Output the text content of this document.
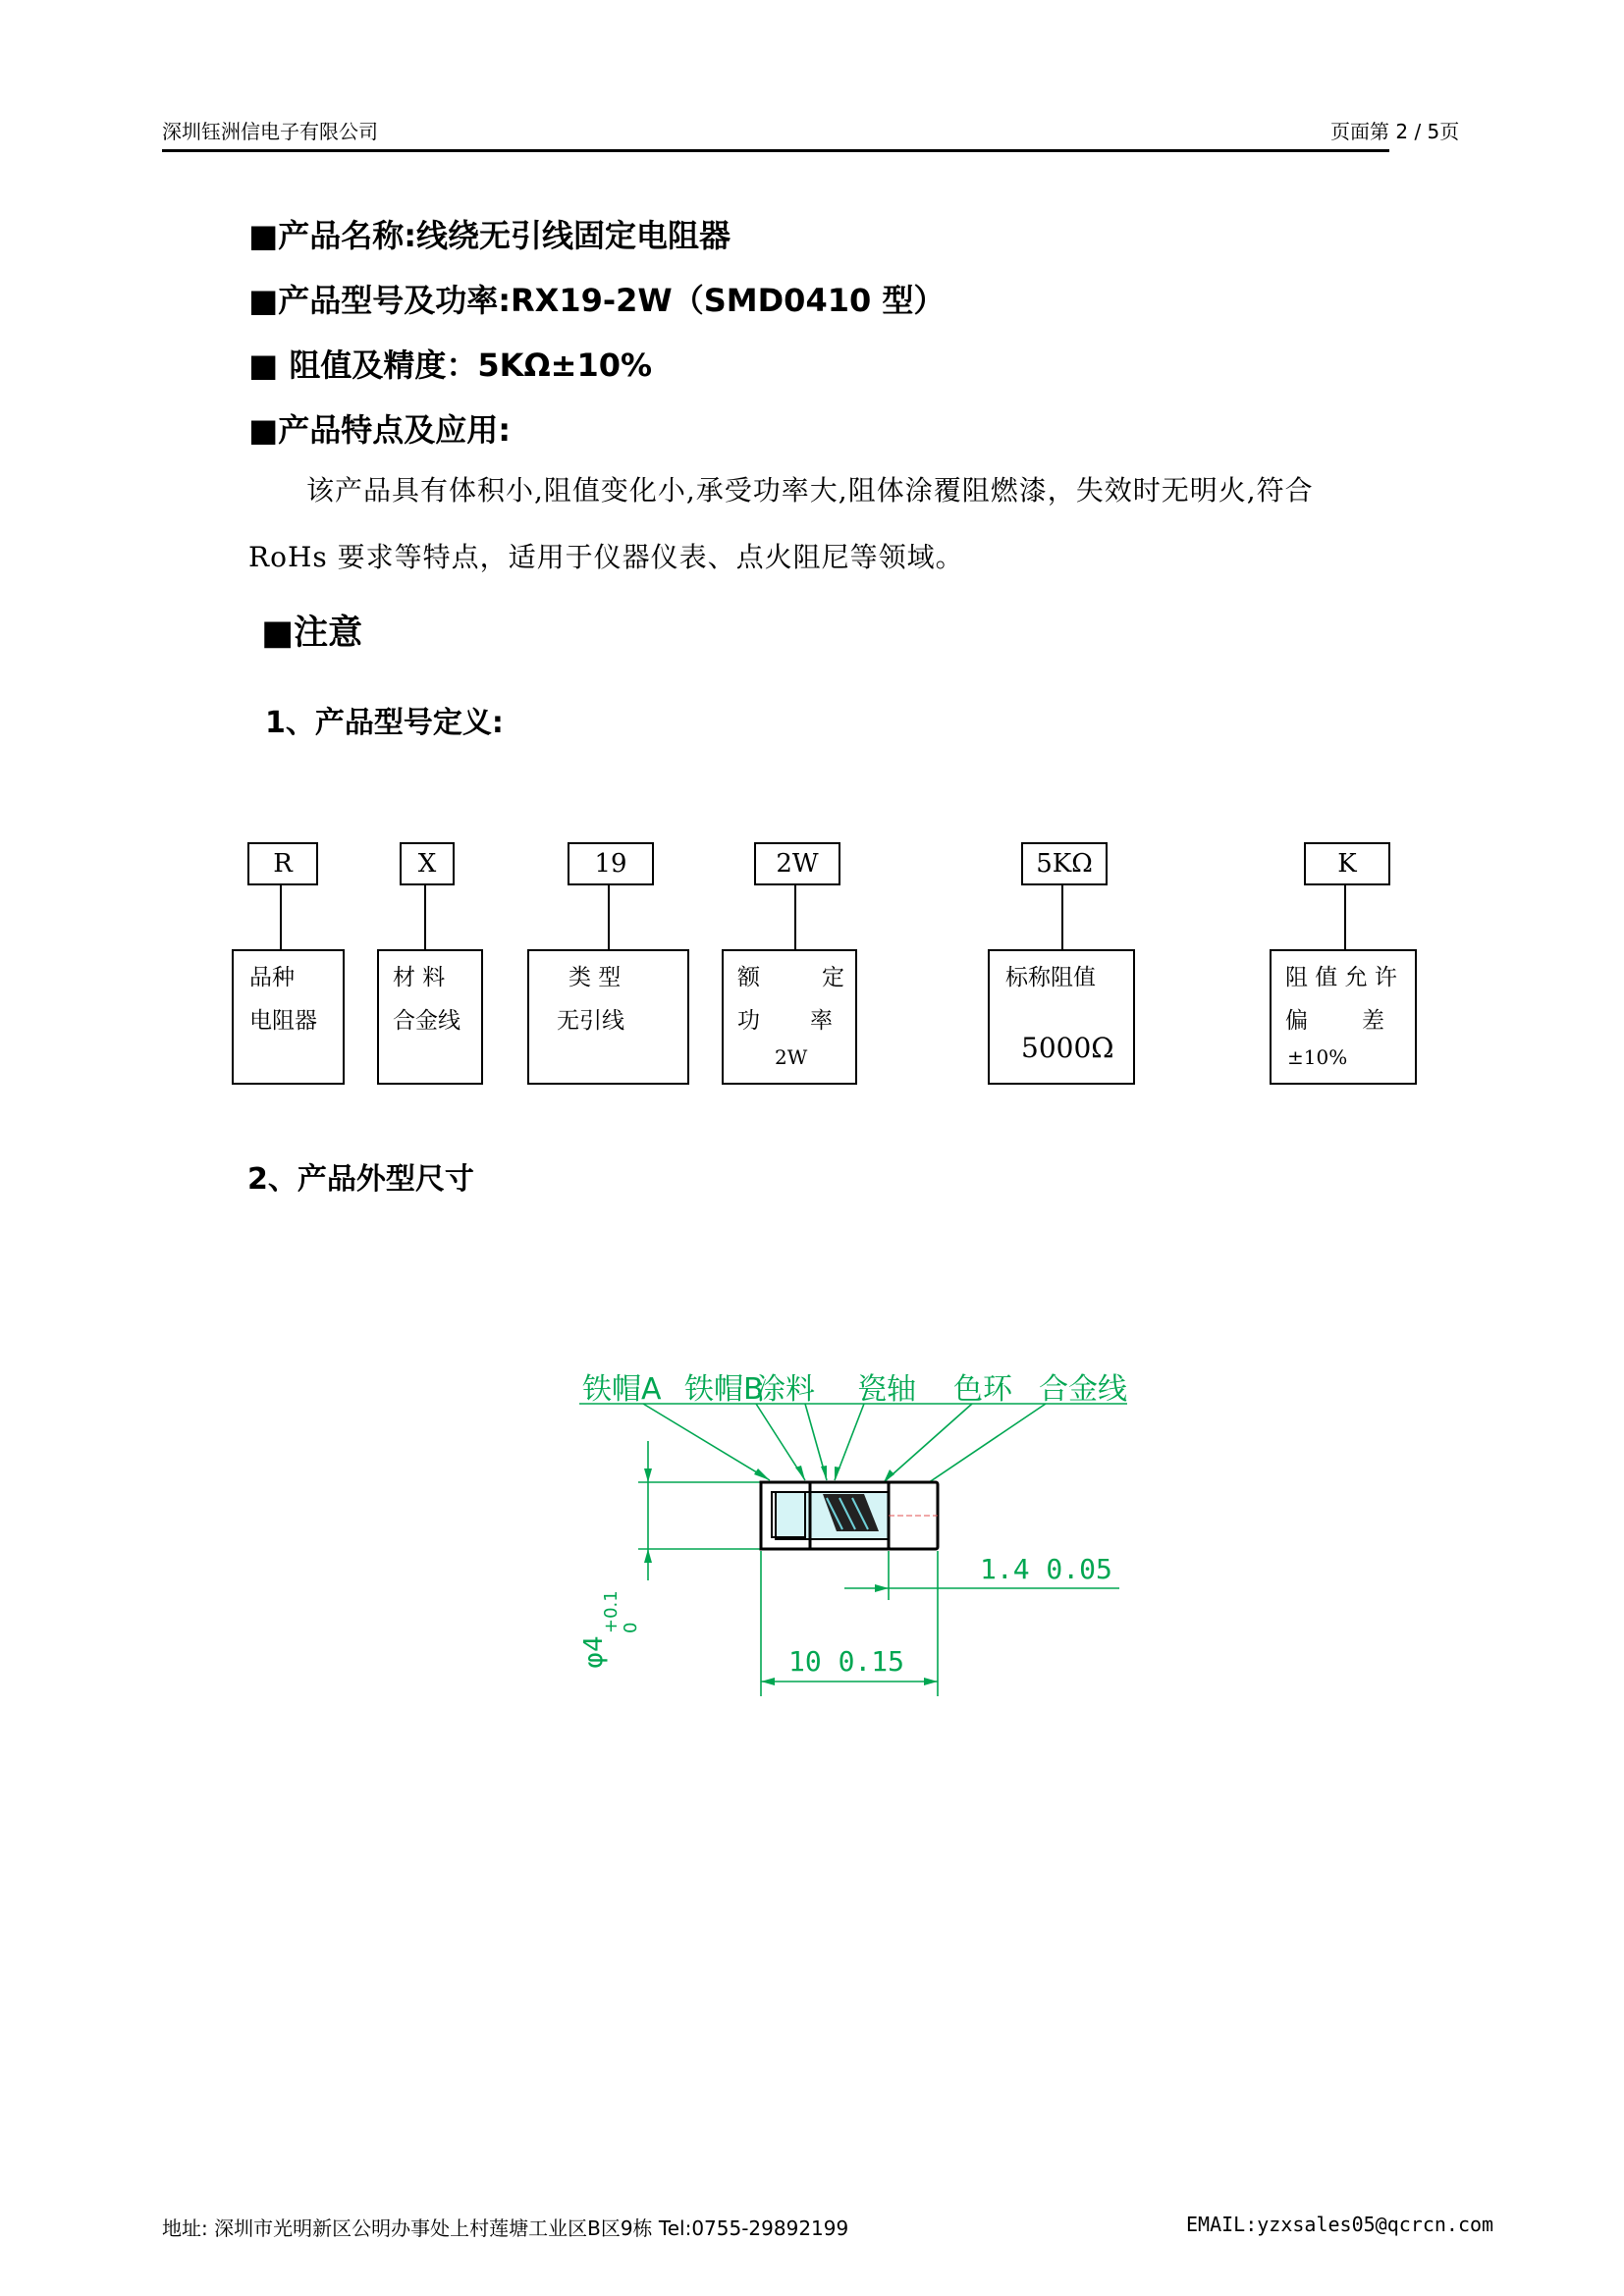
深圳钰洲信电子有限公司	页面第 2 / 5页
■产品名称:线绕无引线固定电阻器
■产品型号及功率:RX19-2W（SMD0410 型）
■ 阻值及精度：5KΩ±10%
■产品特点及应用:
该产品具有体积小,阻值变化小,承受功率大,阻体涂覆阻燃漆，失效时无明火,符合
RoHs 要求等特点，适用于仪器仪表、点火阻尼等领域。
■注意
1、产品型号定义:
R	X	19	2W	5KΩ	K
品种
电阻器
材 料
合金线
类 型
无引线
额	定
功 率
2W
标称阻值
5000Ω
阻 值 允 许
偏 差
±10%
2、产品外型尺寸
铁帽A 铁帽B
涂料 瓷轴 色环 合金线
1.4 0.05
10 0.15
φ4
+0.1 0
地址: 深圳市光明新区公明办事处上村莲塘工业区B区9栋 Tel:0755-29892199	EMAIL:yzxsales05@qcrcn.com
